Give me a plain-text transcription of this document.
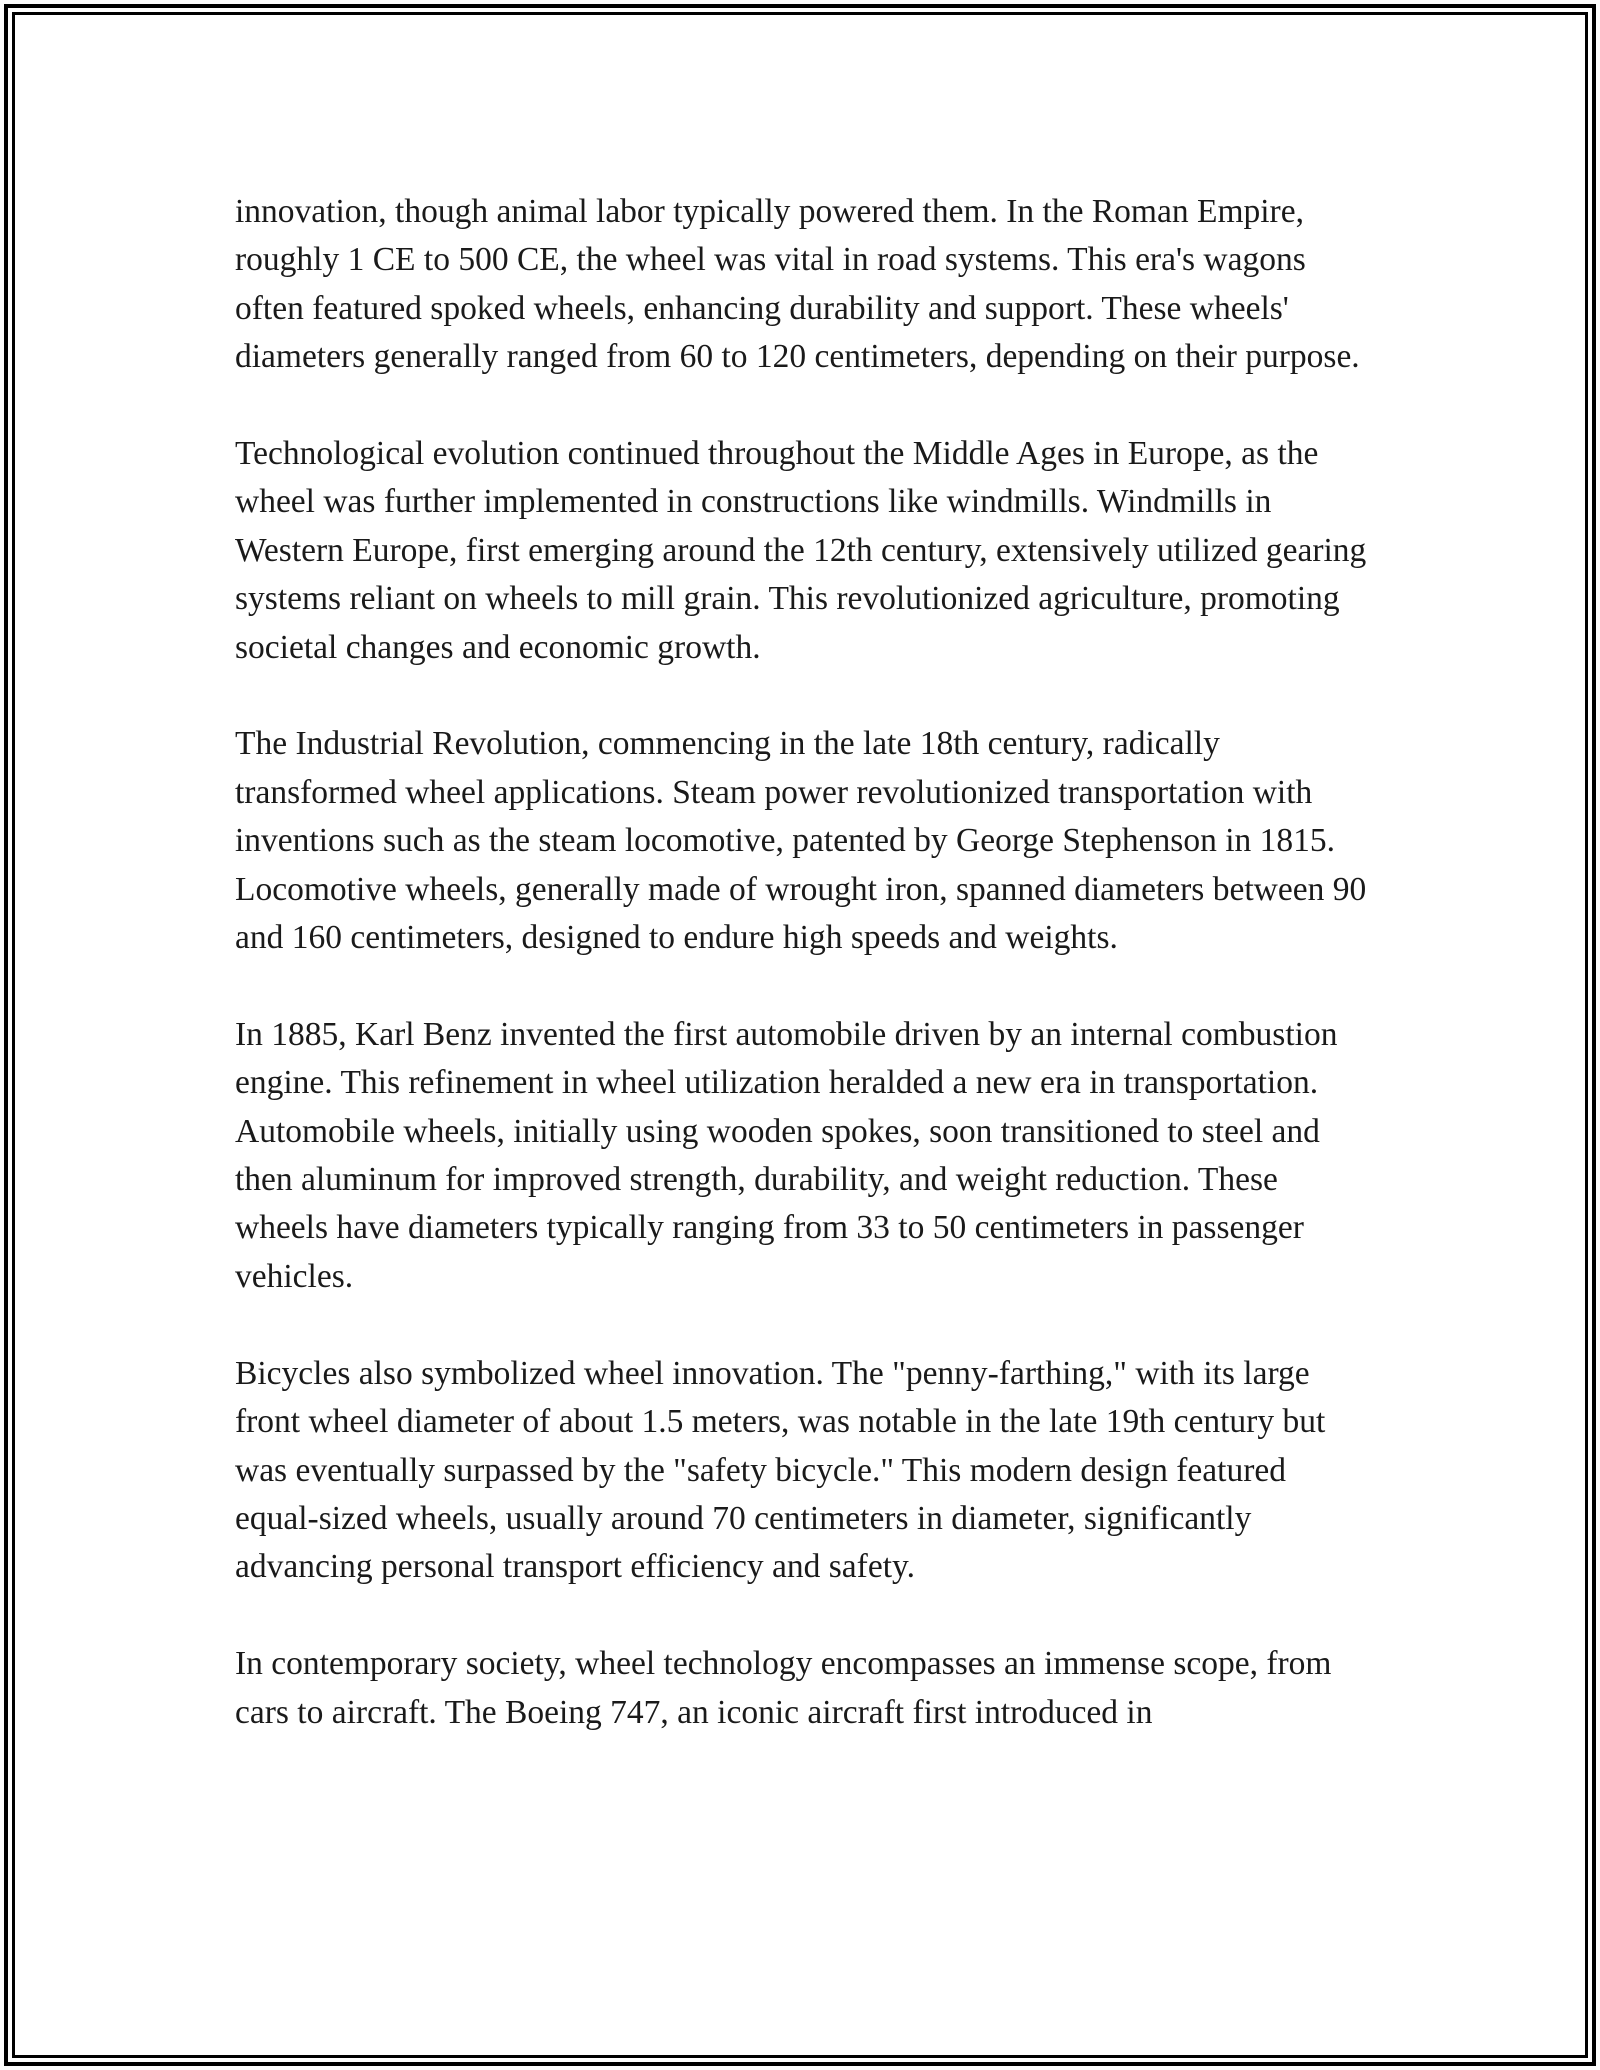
innovation, though animal labor typically powered them. In the Roman Empire, roughly 1 CE to 500 CE, the wheel was vital in road systems. This era's wagons often featured spoked wheels, enhancing durability and support. These wheels' diameters generally ranged from 60 to 120 centimeters, depending on their purpose.

Technological evolution continued throughout the Middle Ages in Europe, as the wheel was further implemented in constructions like windmills. Windmills in Western Europe, first emerging around the 12th century, extensively utilized gearing systems reliant on wheels to mill grain. This revolutionized agriculture, promoting societal changes and economic growth.

The Industrial Revolution, commencing in the late 18th century, radically transformed wheel applications. Steam power revolutionized transportation with inventions such as the steam locomotive, patented by George Stephenson in 1815. Locomotive wheels, generally made of wrought iron, spanned diameters between 90 and 160 centimeters, designed to endure high speeds and weights.

In 1885, Karl Benz invented the first automobile driven by an internal combustion engine. This refinement in wheel utilization heralded a new era in transportation. Automobile wheels, initially using wooden spokes, soon transitioned to steel and then aluminum for improved strength, durability, and weight reduction. These wheels have diameters typically ranging from 33 to 50 centimeters in passenger vehicles.

Bicycles also symbolized wheel innovation. The "penny-farthing," with its large front wheel diameter of about 1.5 meters, was notable in the late 19th century but was eventually surpassed by the "safety bicycle." This modern design featured equal-sized wheels, usually around 70 centimeters in diameter, significantly advancing personal transport efficiency and safety.

In contemporary society, wheel technology encompasses an immense scope, from cars to aircraft. The Boeing 747, an iconic aircraft first introduced in
